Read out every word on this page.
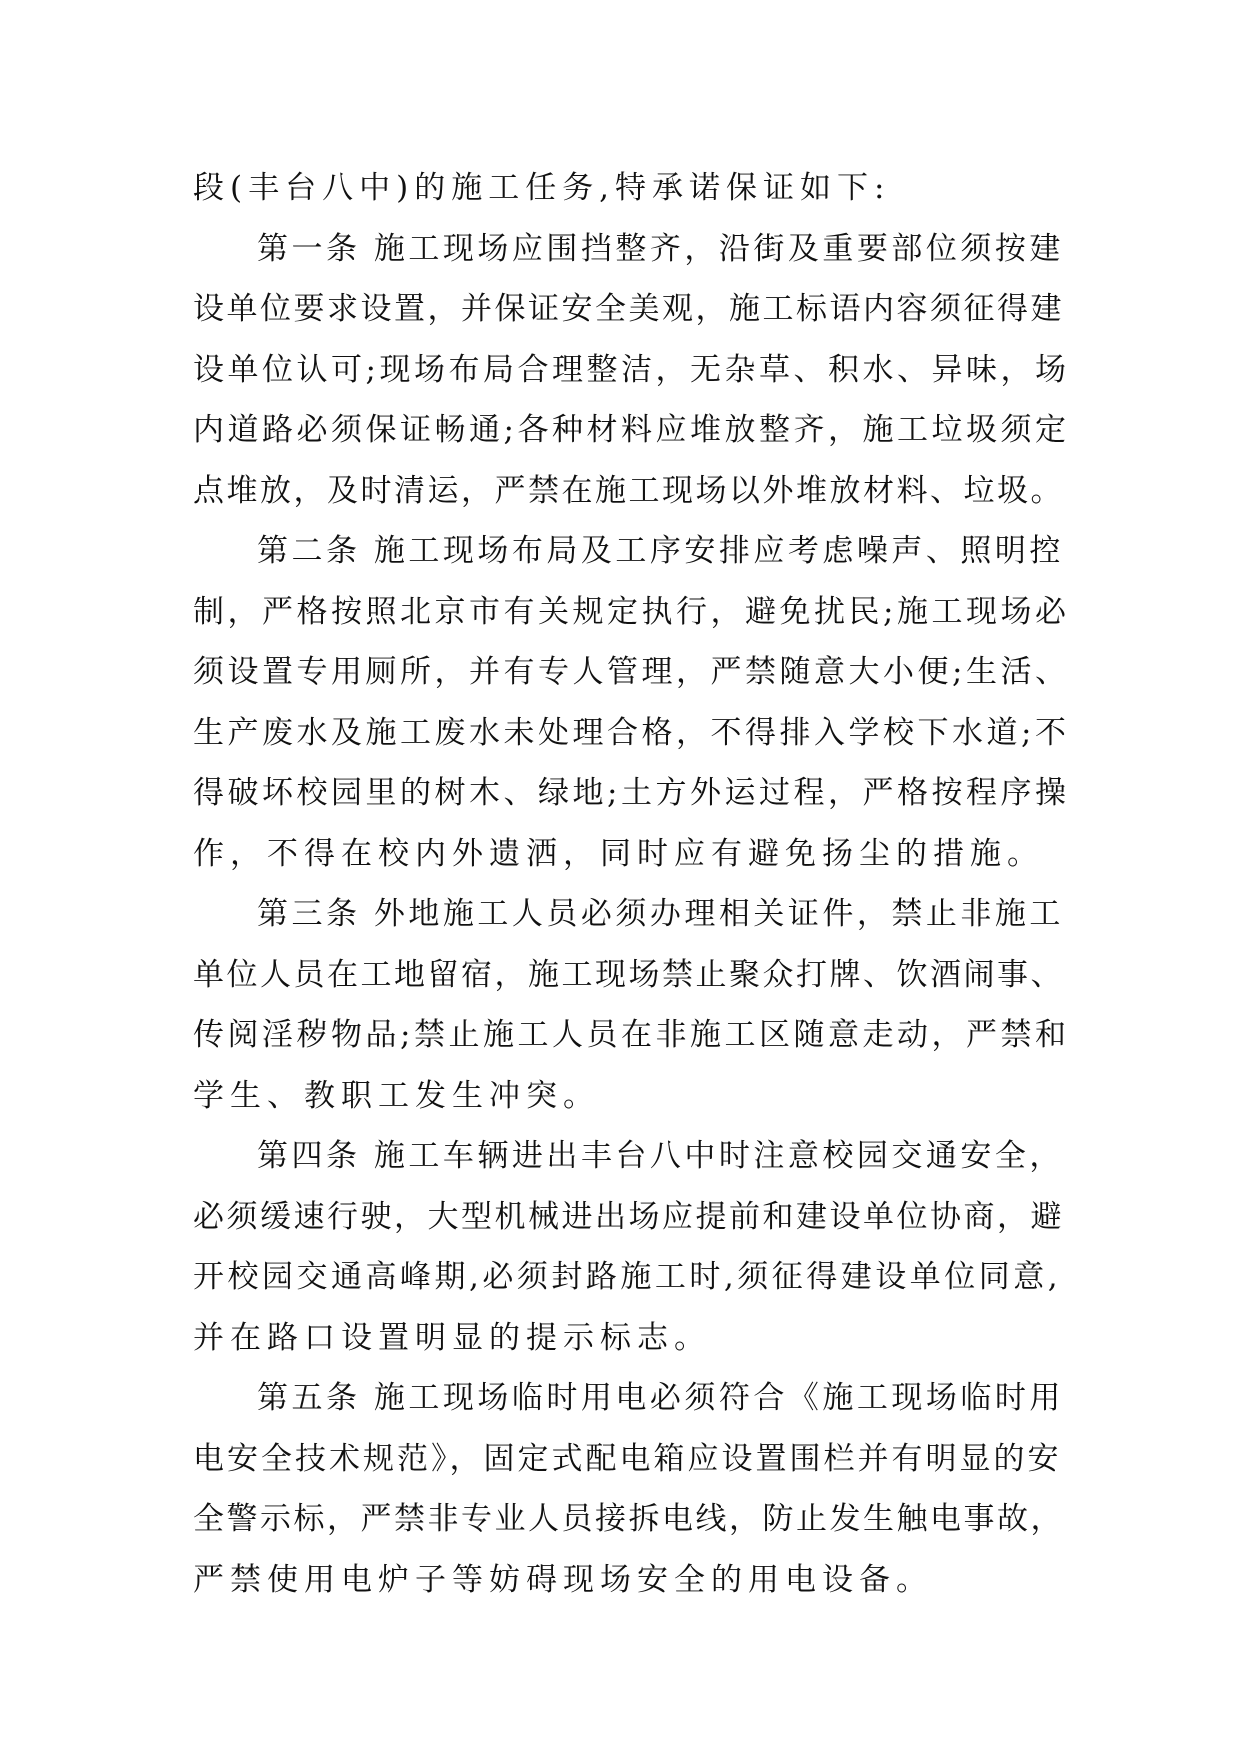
段(丰台八中)的施工任务,特承诺保证如下:
第一条 施工现场应围挡整齐，沿街及重要部位须按建
设单位要求设置，并保证安全美观，施工标语内容须征得建
设单位认可;现场布局合理整洁，无杂草、积水、异味，场
内道路必须保证畅通;各种材料应堆放整齐，施工垃圾须定
点堆放，及时清运，严禁在施工现场以外堆放材料、垃圾。
第二条 施工现场布局及工序安排应考虑噪声、照明控
制，严格按照北京市有关规定执行，避免扰民;施工现场必
须设置专用厕所，并有专人管理，严禁随意大小便;生活、
生产废水及施工废水未处理合格，不得排入学校下水道;不
得破坏校园里的树木、绿地;土方外运过程，严格按程序操
作，不得在校内外遗洒，同时应有避免扬尘的措施。
第三条 外地施工人员必须办理相关证件，禁止非施工
单位人员在工地留宿，施工现场禁止聚众打牌、饮酒闹事、
传阅淫秽物品;禁止施工人员在非施工区随意走动，严禁和
学生、教职工发生冲突。
第四条 施工车辆进出丰台八中时注意校园交通安全，
必须缓速行驶，大型机械进出场应提前和建设单位协商，避
开校园交通高峰期,必须封路施工时,须征得建设单位同意,
并在路口设置明显的提示标志。
第五条 施工现场临时用电必须符合《施工现场临时用
电安全技术规范》，固定式配电箱应设置围栏并有明显的安
全警示标，严禁非专业人员接拆电线，防止发生触电事故，
严禁使用电炉子等妨碍现场安全的用电设备。
